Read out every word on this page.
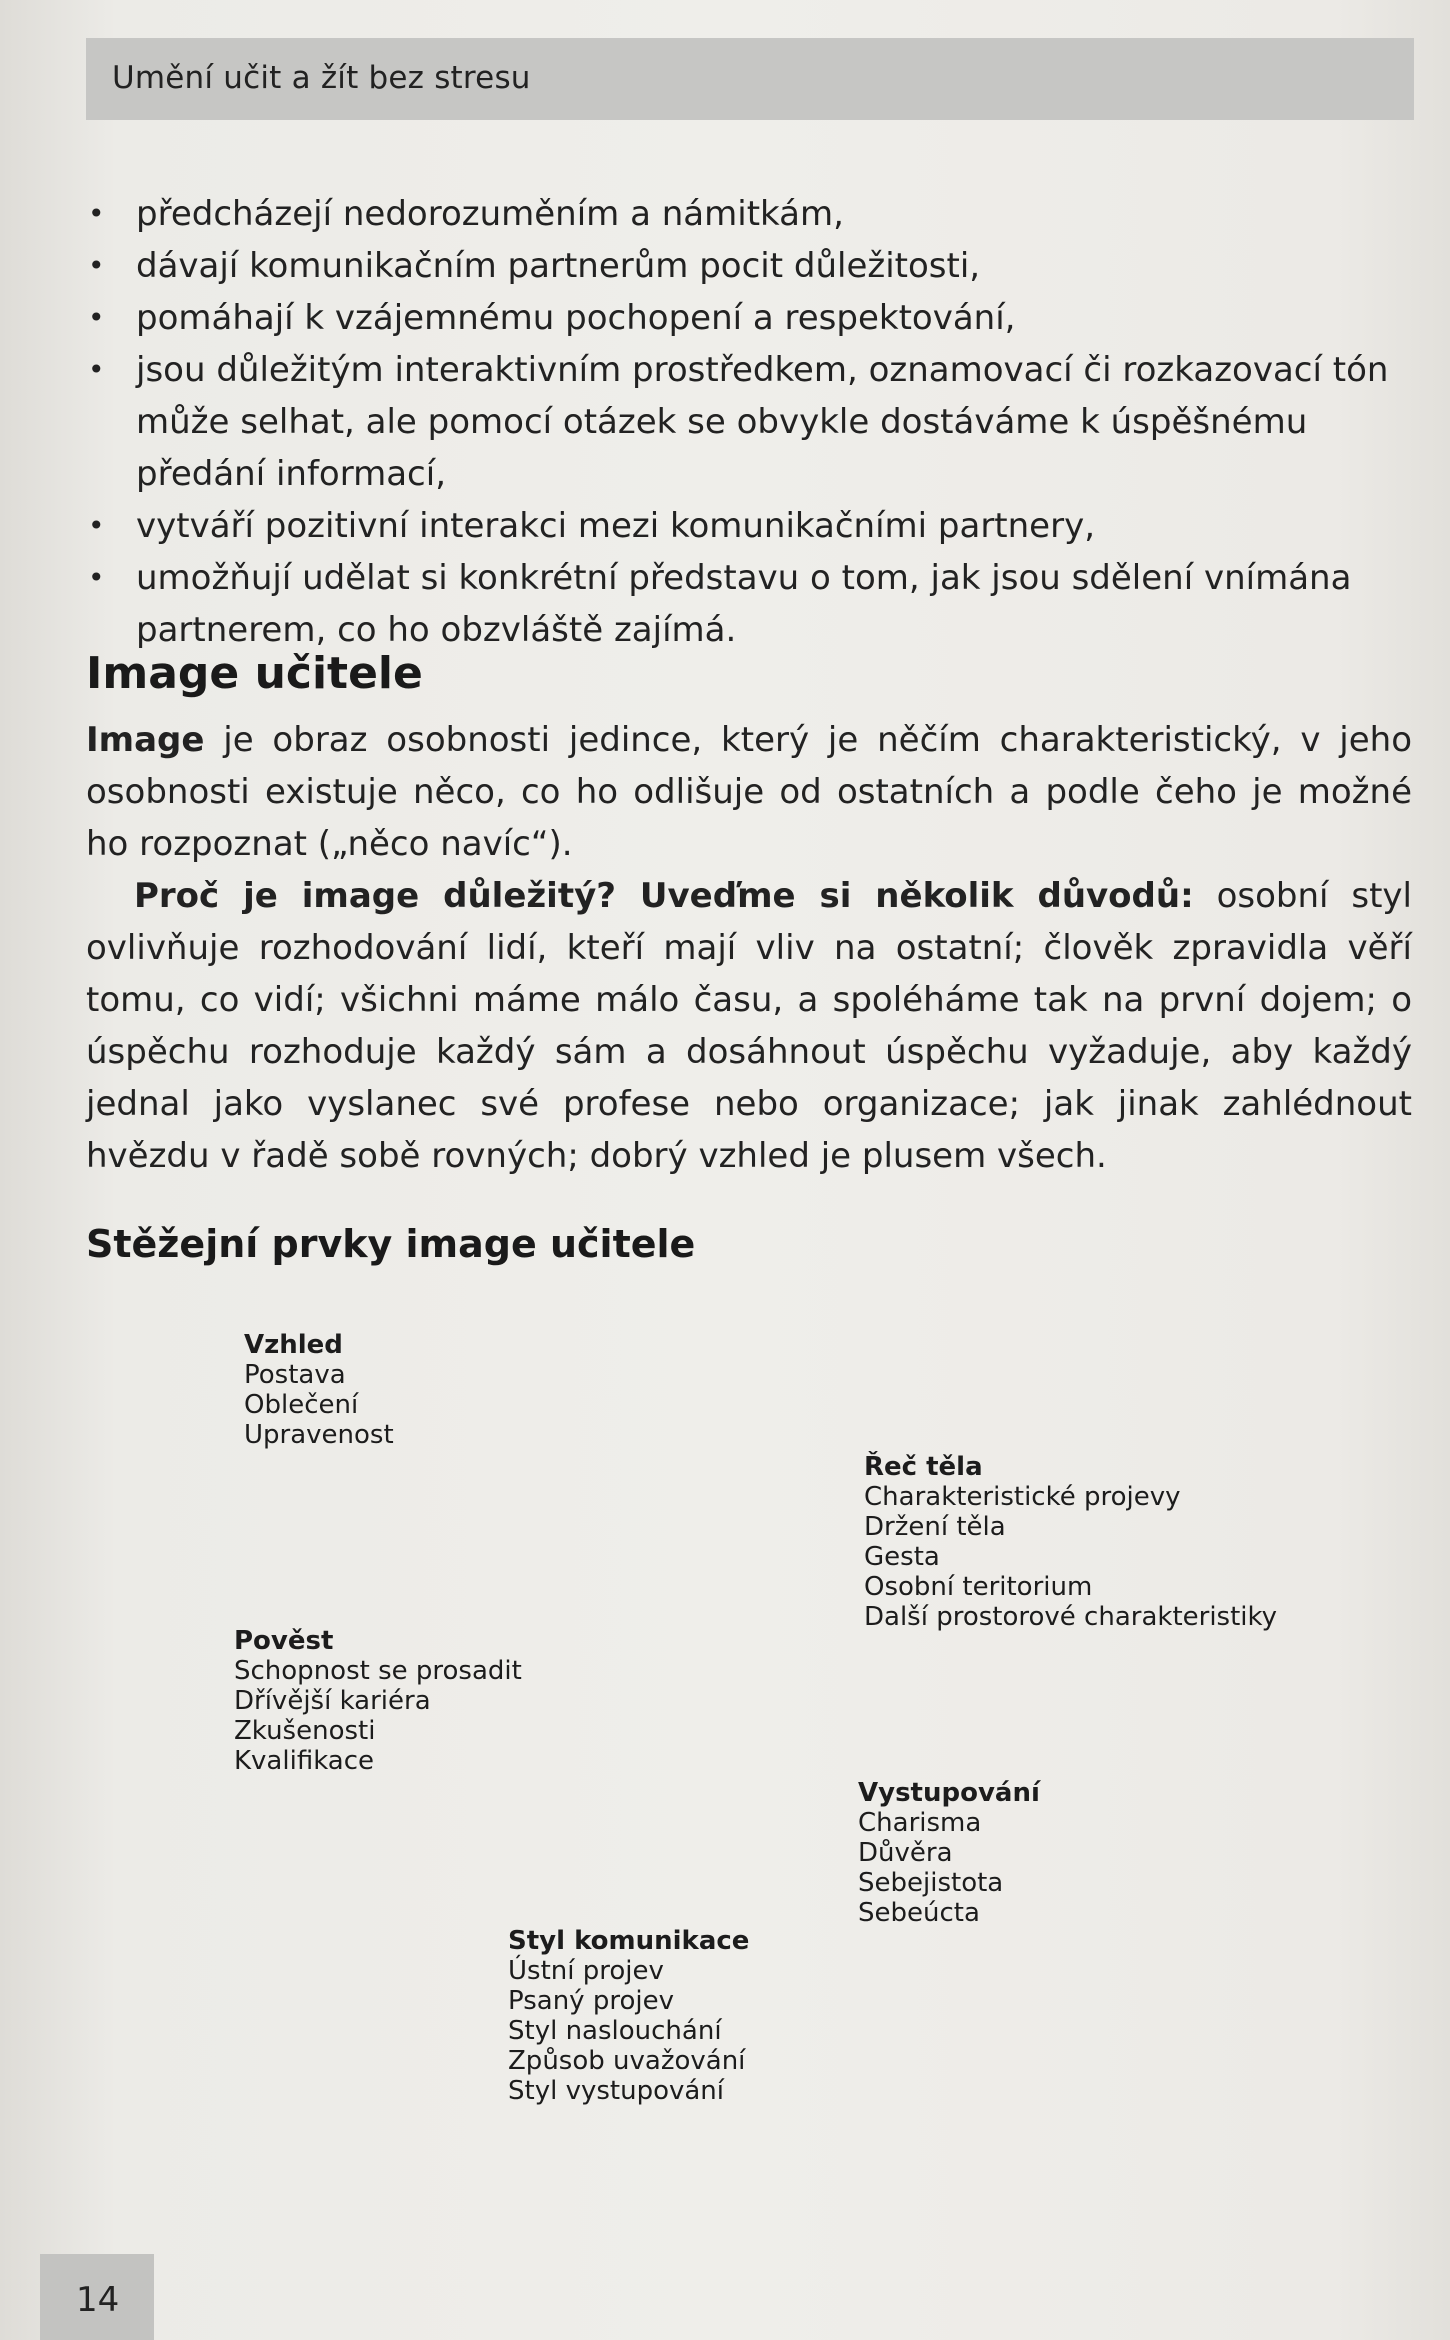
Umění učit a žít bez stresu
• předcházejí nedorozuměním a námitkám,
• dávají komunikačním partnerům pocit důležitosti,
• pomáhají k vzájemnému pochopení a respektování,
• jsou důležitým interaktivním prostředkem, oznamovací či rozkazovací tón může selhat, ale pomocí otázek se obvykle dostáváme k úspěšnému předání informací,
• vytváří pozitivní interakci mezi komunikačními partnery,
• umožňují udělat si konkrétní představu o tom, jak jsou sdělení vnímána partnerem, co ho obzvláště zajímá.
Image učitele

Image je obraz osobnosti jedince, který je něčím charakteristický, v jeho osobnosti existuje něco, co ho odlišuje od ostatních a podle čeho je možné ho rozpoznat („něco navíc“).

Proč je image důležitý? Uveďme si několik důvodů: osobní styl ovlivňuje rozhodování lidí, kteří mají vliv na ostatní; člověk zpravidla věří tomu, co vidí; všichni máme málo času, a spoléháme tak na první dojem; o úspěchu rozhoduje každý sám a dosáhnout úspěchu vyžaduje, aby každý jednal jako vyslanec své profese nebo organizace; jak jinak zahlédnout hvězdu v řadě sobě rovných; dobrý vzhled je plusem všech.

Stěžejní prvky image učitele
Vzhled
Postava
Oblečení
Upravenost
Řeč těla
Charakteristické projevy
Držení těla
Gesta
Osobní teritorium
Další prostorové charakteristiky
Pověst
Schopnost se prosadit
Dřívější kariéra
Zkušenosti
Kvalifikace
Vystupování
Charisma
Důvěra
Sebejistota
Sebeúcta
Styl komunikace
Ústní projev
Psaný projev
Styl naslouchání
Způsob uvažování
Styl vystupování
14
